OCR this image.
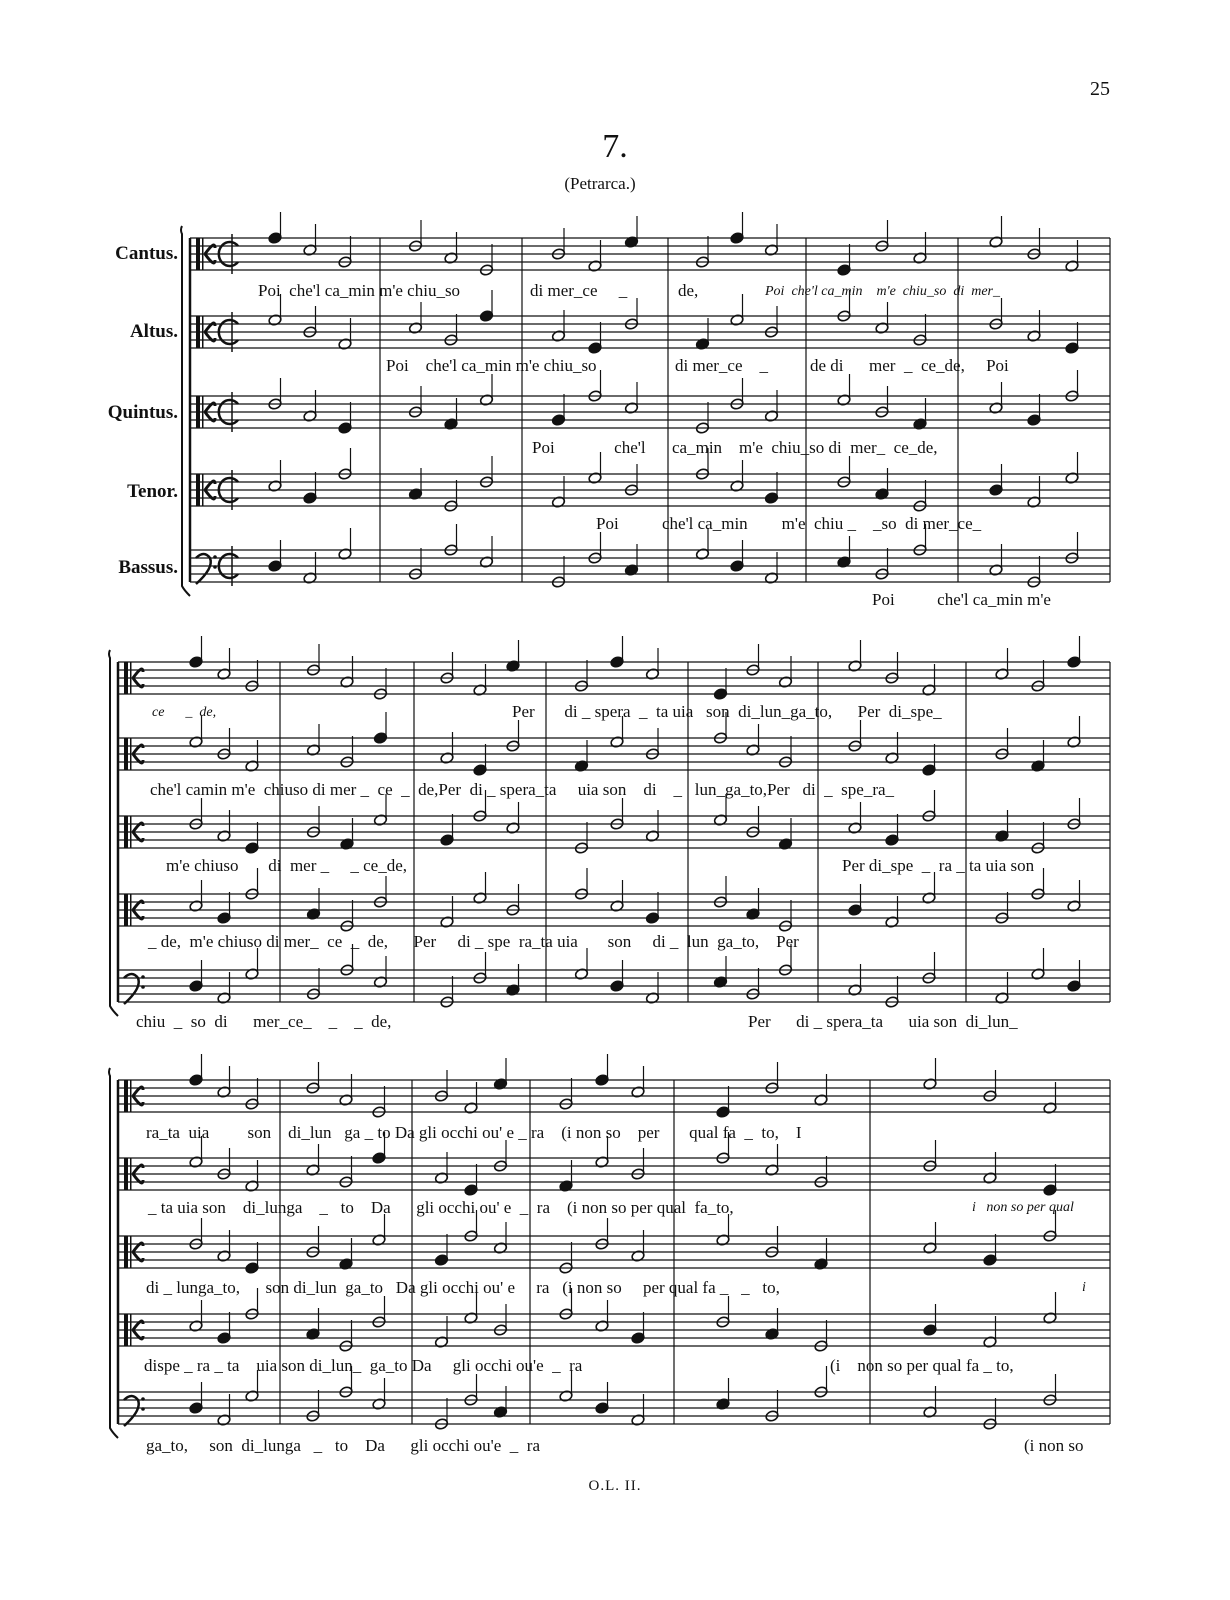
25
7.
(Petrarca.)
Cantus.
Altus.
Quintus.
Tenor.
Bassus.
Poi  che'l ca_min m'e chiu_so	di mer_ce     _	de,	Poi  che'l ca_min    m'e  chiu_so  di  mer_
Poi    che'l ca_min m'e chiu_so	di mer_ce    _ de di      mer  _  ce_de,     Poi
Poi              che'l ca_min    m'e  chiu_so di  mer_  ce_de,
Poi	che'l ca_min        m'e  chiu _    _so  di mer_ce_
Poi          che'l ca_min m'e
ce      _  de,	Per       di _ spera  _  ta uia   son  di_lun_ga_to,      Per  di_spe_
che'l camin m'e  chiuso di mer _  ce  _  de,Per  di _ spera_ta     uia son    di    _   lun_ga_to,Per   di  _  spe_ra_
m'e chiuso       di  mer _     _ ce_de,	Per di_spe  _  ra _ ta uia son
_ de,  m'e chiuso di mer_  ce  _  de,      Per     di _ spe  ra_ta uia       son     di _  lun  ga_to,    Per
chiu  _  so  di      mer_ce_    _    _  de,	Per      di _ spera_ta      uia son  di_lun_
ra_ta  uia         son    di_lun   ga _ to Da gli occhi ou' e _ ra    (i non so    per       qual fa  _  to,    I
_ ta uia son    di_lunga    _   to    Da      gli occhi ou' e  _  ra    (i non so per qual  fa_to,	i   non so per qual
di _ lunga_to,      son di_lun  ga_to   Da gli occhi ou' e     ra   (i non so     per qual fa _   _   to,	i
dispe _ ra _ ta    uia son di_lun_  ga_to Da     gli occhi ou'e  _  ra	(i    non so per qual fa _ to,
ga_to,     son  di_lunga   _   to    Da      gli occhi ou'e  _  ra	(i non so
O.L. II.
